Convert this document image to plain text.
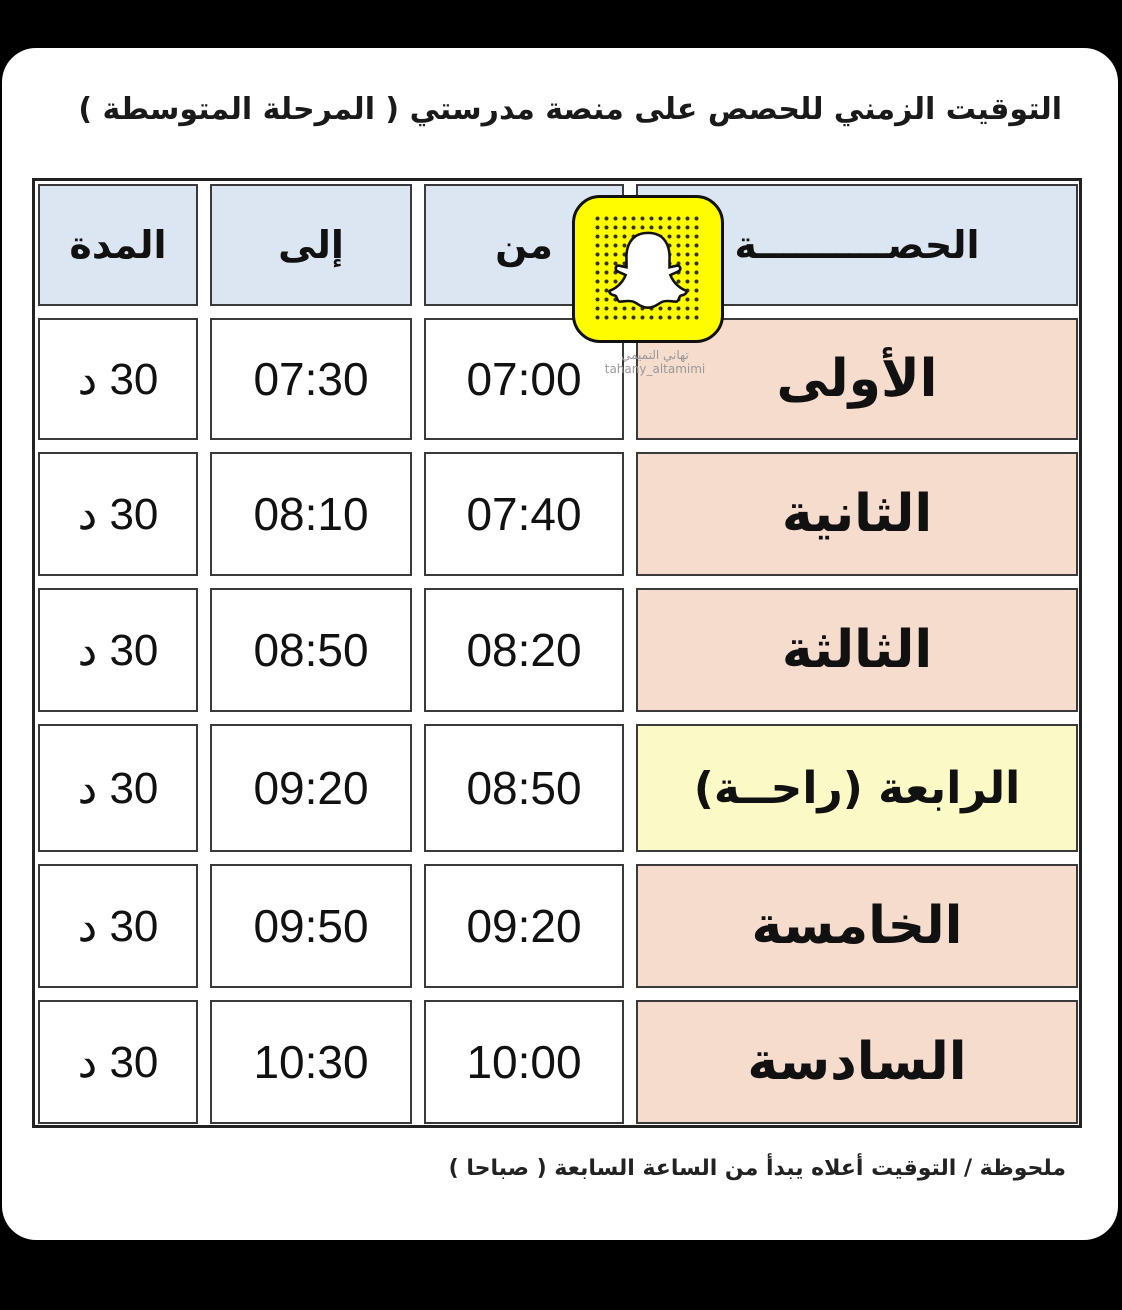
التوقيت الزمني للحصص على منصة مدرستي ( المرحلة المتوسطة )
الحصــــــــــة
من
إلى
المدة
الأولى
07:00
07:30
30 د
الثانية
07:40
08:10
30 د
الثالثة
08:20
08:50
30 د
الرابعة (راحــة)
08:50
09:20
30 د
الخامسة
09:20
09:50
30 د
السادسة
10:00
10:30
30 د
تهاني التميمي
tahany_altamimi
ملحوظة / التوقيت أعلاه يبدأ من الساعة السابعة ( صباحا )
